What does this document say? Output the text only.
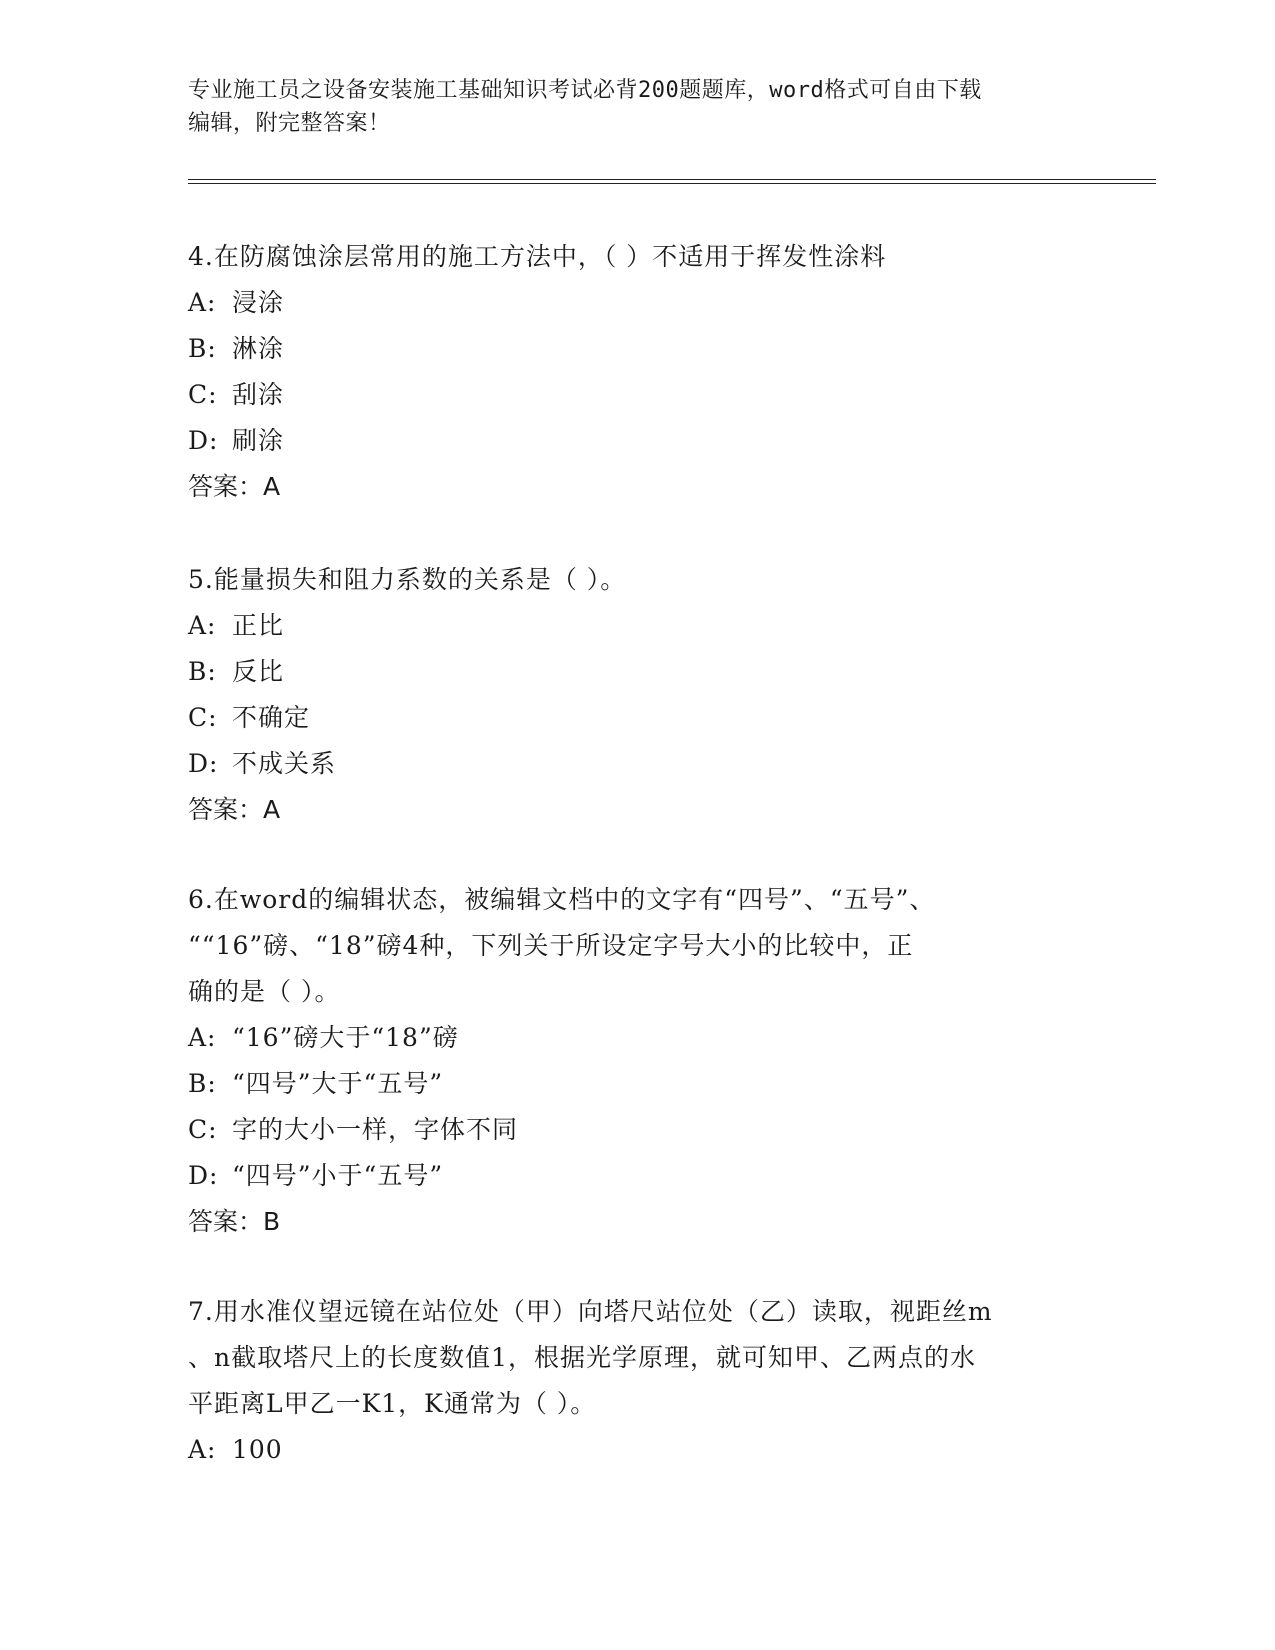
专业施工员之设备安装施工基础知识考试必背200题题库，word格式可自由下载
编辑，附完整答案！
4.在防腐蚀涂层常用的施工方法中，（ ）不适用于挥发性涂料
A: 浸涂
B: 淋涂
C: 刮涂
D: 刷涂
答案：A
5.能量损失和阻力系数的关系是（ ）。
A: 正比
B: 反比
C: 不确定
D: 不成关系
答案：A
6.在word的编辑状态，被编辑文档中的文字有“四号”、“五号”、
““16”磅、“18”磅4种，下列关于所设定字号大小的比较中，正
确的是（ ）。
A: “16”磅大于“18”磅
B: “四号”大于“五号”
C: 字的大小一样，字体不同
D: “四号”小于“五号”
答案：B
7.用水准仪望远镜在站位处（甲）向塔尺站位处（乙）读取，视距丝m
、n截取塔尺上的长度数值1，根据光学原理，就可知甲、乙两点的水
平距离L甲乙一K1，K通常为（ ）。
A: 100
